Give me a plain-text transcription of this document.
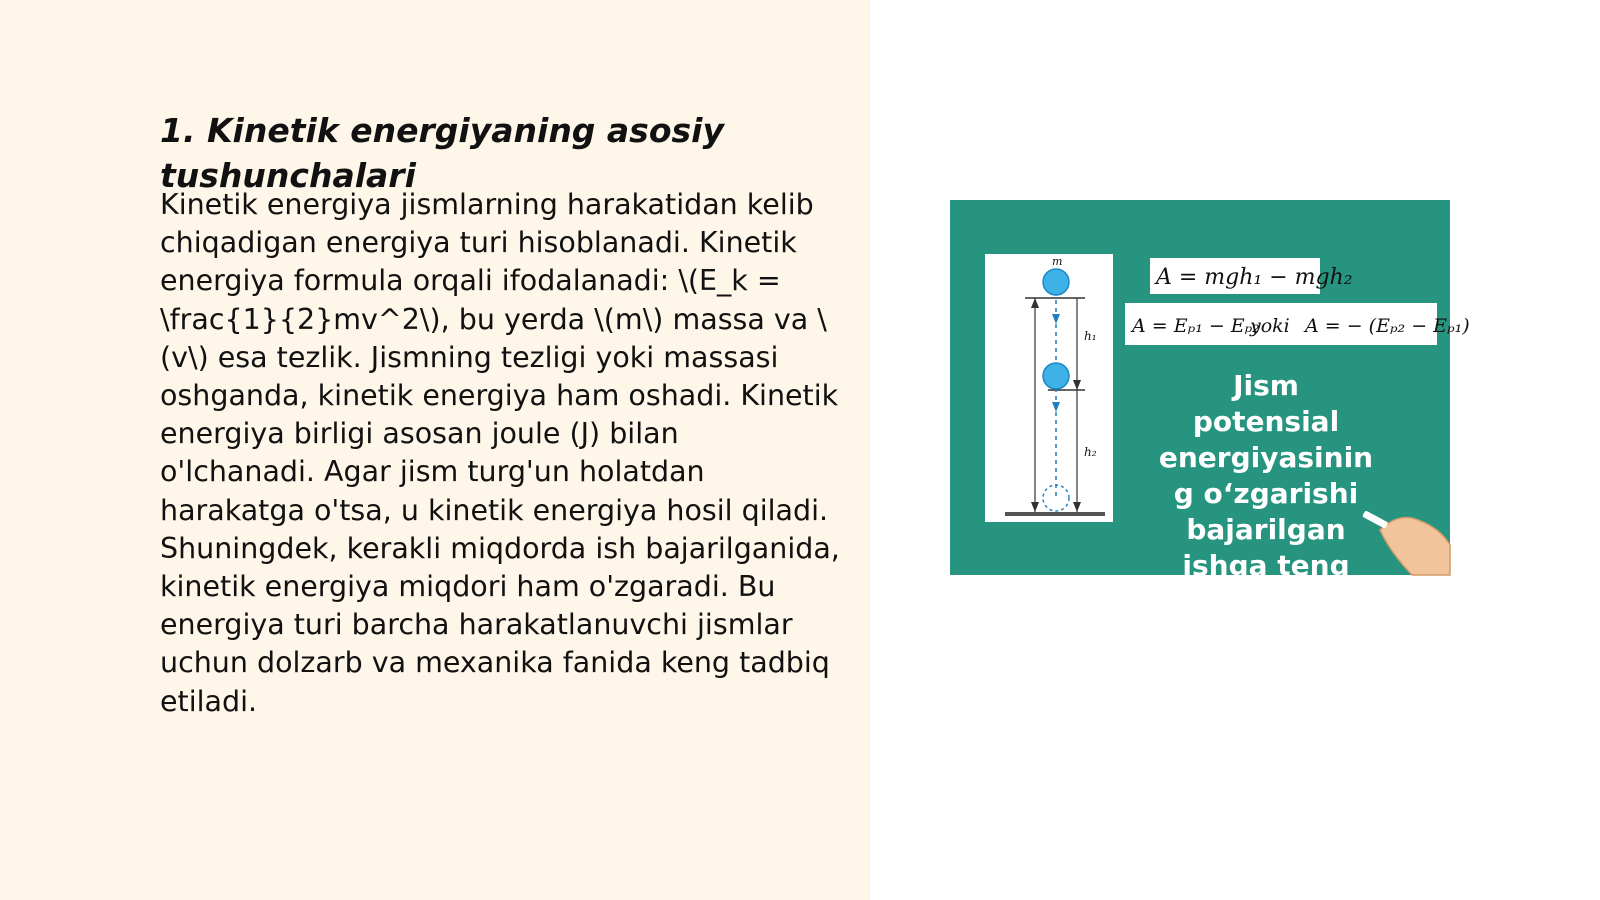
1. Kinetik energiyaning asosiy tushunchalari

Kinetik energiya jismlarning harakatidan kelib chiqadigan energiya turi hisoblanadi. Kinetik energiya formula orqali ifodalanadi: \(E_k = \frac{1}{2}mv^2\), bu yerda \(m\) massa va \(v\) esa tezlik. Jismning tezligi yoki massasi oshganda, kinetik energiya ham oshadi. Kinetik energiya birligi asosan joule (J) bilan o'lchanadi. Agar jism turg'un holatdan harakatga o'tsa, u kinetik energiya hosil qiladi. Shuningdek, kerakli miqdorda ish bajarilganida, kinetik energiya miqdori ham o'zgaradi. Bu energiya turi barcha harakatlanuvchi jismlar uchun dolzarb va mexanika fanida keng tadbiq etiladi.

m
h₁
h₂
A = mgh₁ − mgh₂
A = Eₚ₁ − Eₚ₂
yoki A = − (Eₚ₂ − Eₚ₁)
Jism
potensial
energiyasinin
g o‘zgarishi
bajarilgan
ishga teng
